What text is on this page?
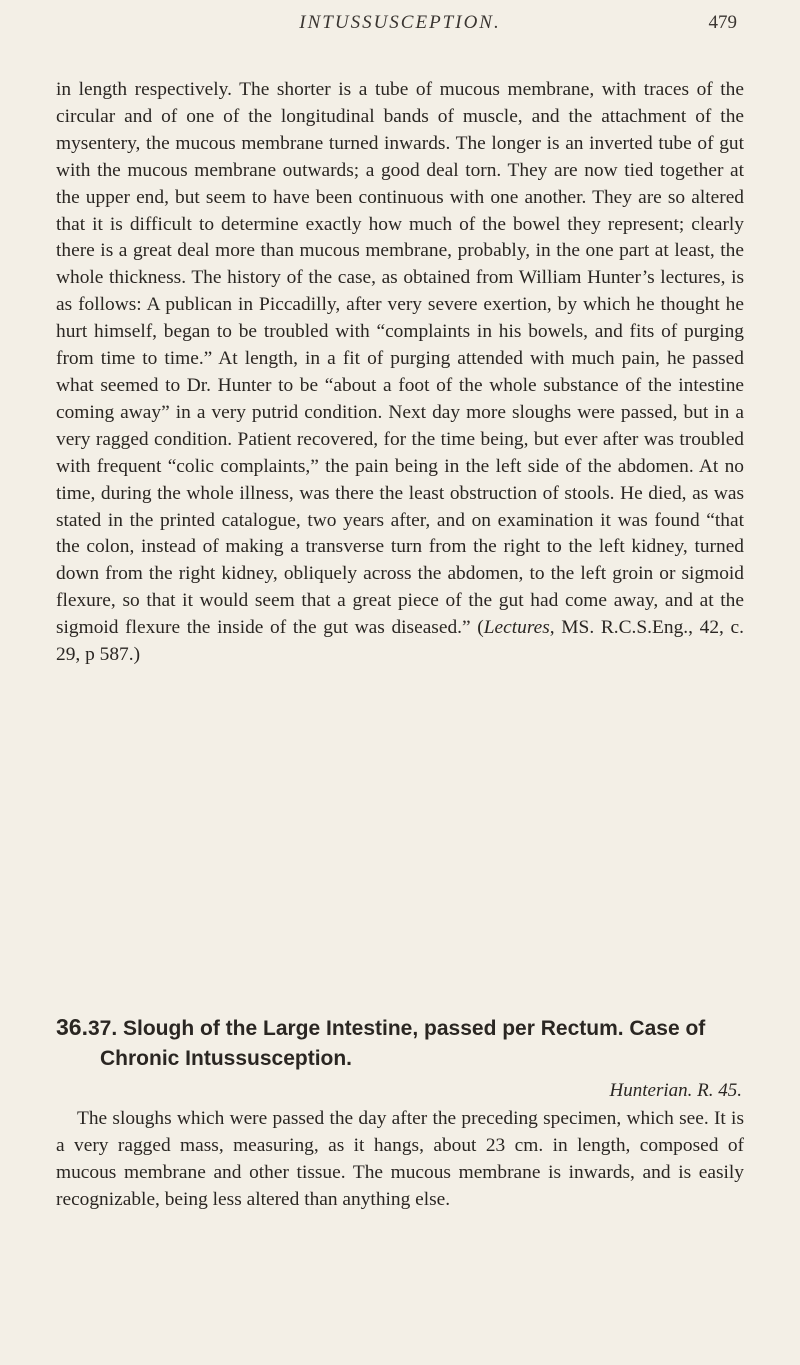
INTUSSUSCEPTION.	479
in length respectively. The shorter is a tube of mucous membrane, with traces of the circular and of one of the longitudinal bands of muscle, and the attachment of the mysentery, the mucous membrane turned inwards. The longer is an inverted tube of gut with the mucous membrane outwards; a good deal torn. They are now tied together at the upper end, but seem to have been continuous with one another. They are so altered that it is difficult to determine exactly how much of the bowel they represent; clearly there is a great deal more than mucous membrane, probably, in the one part at least, the whole thickness. The history of the case, as obtained from William Hunter’s lectures, is as follows: A publican in Piccadilly, after very severe exertion, by which he thought he hurt himself, began to be troubled with “complaints in his bowels, and fits of purging from time to time.” At length, in a fit of purging attended with much pain, he passed what seemed to Dr. Hunter to be “about a foot of the whole substance of the intestine coming away” in a very putrid condition. Next day more sloughs were passed, but in a very ragged condition. Patient recovered, for the time being, but ever after was troubled with frequent “colic complaints,” the pain being in the left side of the abdomen. At no time, during the whole illness, was there the least obstruction of stools. He died, as was stated in the printed catalogue, two years after, and on examination it was found “that the colon, instead of making a transverse turn from the right to the left kidney, turned down from the right kidney, obliquely across the abdomen, to the left groin or sigmoid flexure, so that it would seem that a great piece of the gut had come away, and at the sigmoid flexure the inside of the gut was diseased.” (Lectures, MS. R.C.S.Eng., 42, c. 29, p 587.)
36.37. Slough of the Large Intestine, passed per Rectum. Case of Chronic Intussusception.
Hunterian. R. 45.
The sloughs which were passed the day after the preceding specimen, which see. It is a very ragged mass, measuring, as it hangs, about 23 cm. in length, composed of mucous membrane and other tissue. The mucous membrane is inwards, and is easily recognizable, being less altered than anything else.
